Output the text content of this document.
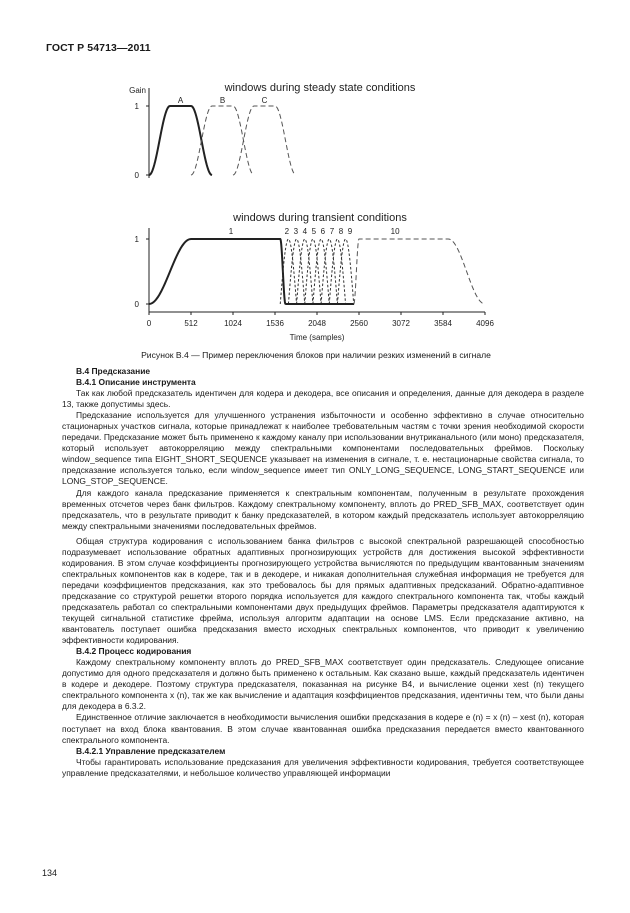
ГОСТ Р 54713—2011
1
0
Gain	windows during steady state conditions
A	B	C
1
0
windows during transient conditions
0	512	1024	1536	2048	2560	3072	3584	4096
Time (samples)
1	2 3 4 5 6 7 8 9	10
Рисунок В.4 — Пример переключения блоков при наличии резких изменений в сигнале
В.4 Предсказание
В.4.1 Описание инструмента

Так как любой предсказатель идентичен для кодера и декодера, все описания и определения, данные для декодера в разделе 13, также допустимы здесь.

Предсказание используется для улучшенного устранения избыточности и особенно эффективно в случае относительно стационарных участков сигнала, которые принадлежат к наиболее требовательным частям с точки зрения необходимой скорости передачи. Предсказание может быть применено к каждому каналу при использовании внутриканального (или моно) предсказателя, который использует автокорреляцию между спектральными компонентами последовательных фреймов. Поскольку window_sequence типа EIGHT_SHORT_SEQUENCE указывает на изменения в сигнале, т. е. нестационарные свойства сигнала, то предсказание используется только, если window_sequence имеет тип ONLY_LONG_SEQUENCE, LONG_START_SEQUENCE или LONG_STOP_SEQUENCE.

Для каждого канала предсказание применяется к спектральным компонентам, полученным в результате прохождения временных отсчетов через банк фильтров. Каждому спектральному компоненту, вплоть до PRED_SFB_MAX, соответствует один предсказатель, что в результате приводит к банку предсказателей, в котором каждый предсказатель использует автокорреляцию между спектральными значениями последовательных фреймов.

Общая структура кодирования с использованием банка фильтров с высокой спектральной разрешающей способностью подразумевает использование обратных адаптивных прогнозирующих устройств для достижения высокой эффективности кодирования. В этом случае коэффициенты прогнозирующего устройства вычисляются по предыдущим квантованным значениям спектральных компонентов как в кодере, так и в декодере, и никакая дополнительная служебная информация не требуется для передачи коэффициентов предсказания, как это требовалось бы для прямых адаптивных предсказаний. Обратно-адаптивное предсказание со структурой решетки второго порядка используется для каждого спектрального компонента так, чтобы каждый предсказатель работал со спектральными компонентами двух предыдущих фреймов. Параметры предсказателя адаптируются к текущей сигнальной статистике фрейма, используя алгоритм адаптации на основе LMS. Если предсказание активно, на квантователь поступает ошибка предсказания вместо исходных спектральных компонентов, что приводит к увеличению эффективности кодирования.

В.4.2 Процесс кодирования

Каждому спектральному компоненту вплоть до PRED_SFB_MAX соответствует один предсказатель. Следующее описание допустимо для одного предсказателя и должно быть применено к остальным. Как сказано выше, каждый предсказатель идентичен в кодере и декодере. Поэтому структура предсказателя, показанная на рисунке В4, и вычисление оценки xest (n) текущего спектрального компонента x (n), так же как вычисление и адаптация коэффициентов предсказания, идентичны тем, что были даны для декодера в 6.3.2.

Единственное отличие заключается в необходимости вычисления ошибки предсказания в кодере e (n) = x (n) – xest (n), которая поступает на вход блока квантования. В этом случае квантованная ошибка предсказания передается вместо квантованного спектрального компонента.

В.4.2.1 Управление предсказателем

Чтобы гарантировать использование предсказания для увеличения эффективности кодирования, требуется соответствующее управление предсказателями, и небольшое количество управляющей информации

134
